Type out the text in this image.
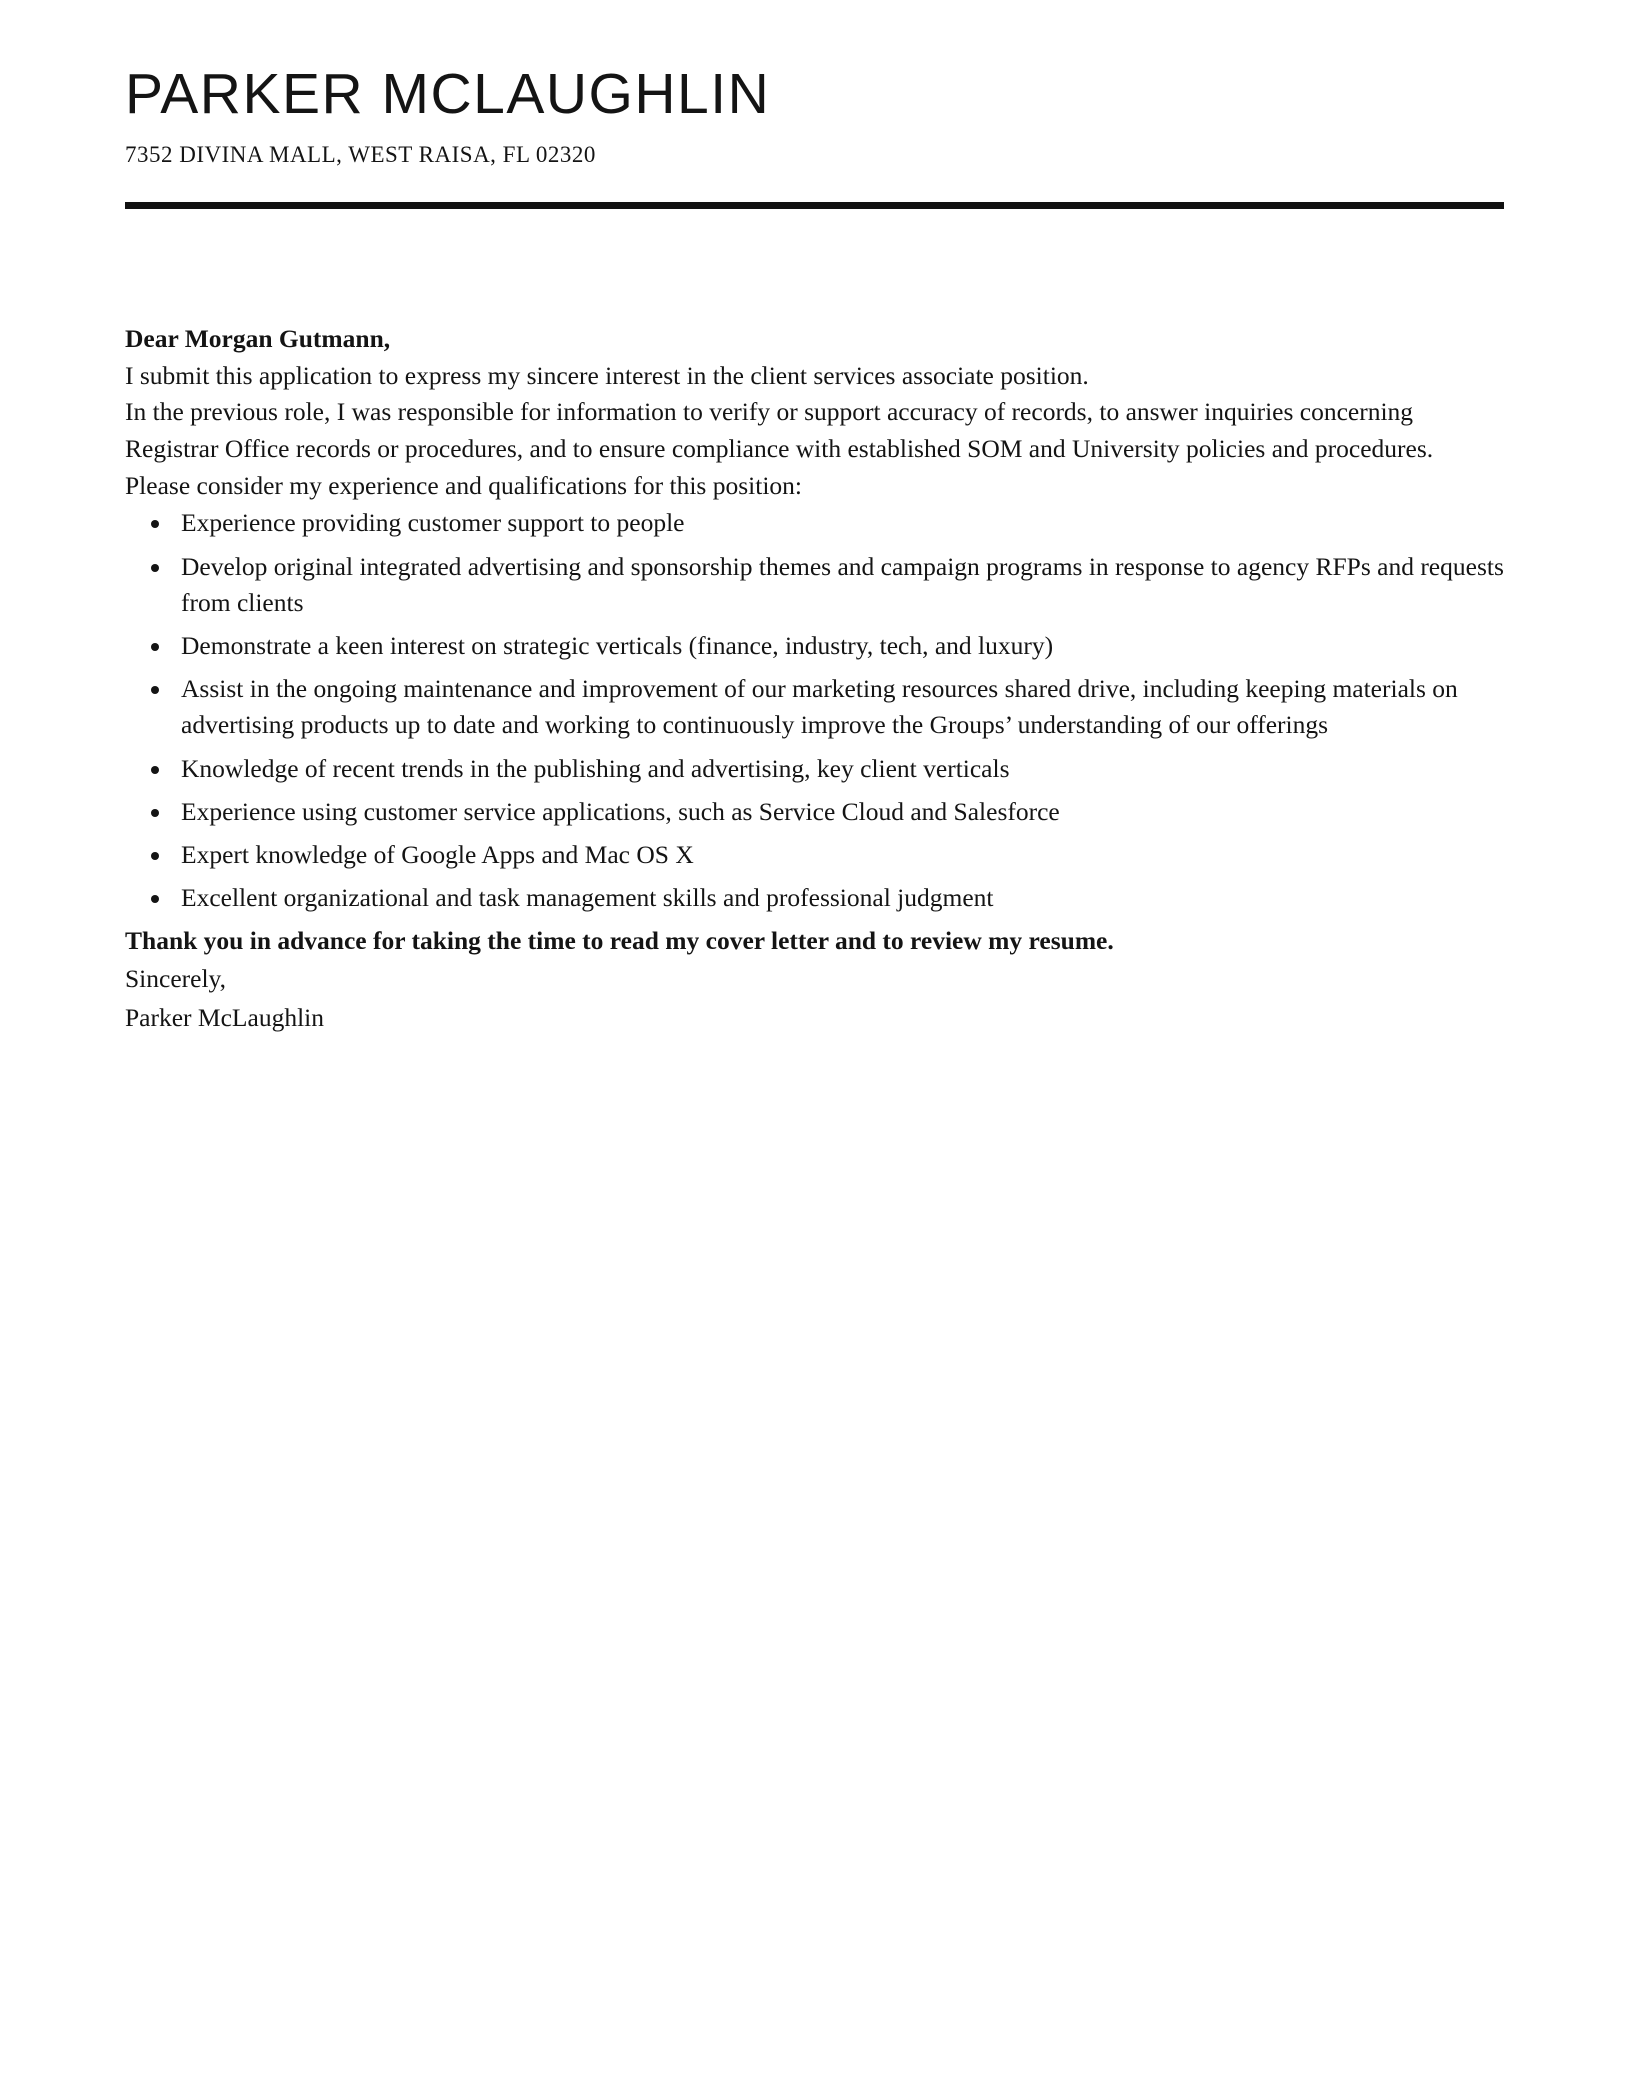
PARKER MCLAUGHLIN
7352 DIVINA MALL, WEST RAISA, FL 02320

Dear Morgan Gutmann,

I submit this application to express my sincere interest in the client services associate position.

In the previous role, I was responsible for information to verify or support accuracy of records, to answer inquiries concerning Registrar Office records or procedures, and to ensure compliance with established SOM and University policies and procedures.

Please consider my experience and qualifications for this position:

• Experience providing customer support to people
• Develop original integrated advertising and sponsorship themes and campaign programs in response to agency RFPs and requests from clients
• Demonstrate a keen interest on strategic verticals (finance, industry, tech, and luxury)
• Assist in the ongoing maintenance and improvement of our marketing resources shared drive, including keeping materials on advertising products up to date and working to continuously improve the Groups’ understanding of our offerings
• Knowledge of recent trends in the publishing and advertising, key client verticals
• Experience using customer service applications, such as Service Cloud and Salesforce
• Expert knowledge of Google Apps and Mac OS X
• Excellent organizational and task management skills and professional judgment

Thank you in advance for taking the time to read my cover letter and to review my resume.

Sincerely,

Parker McLaughlin
